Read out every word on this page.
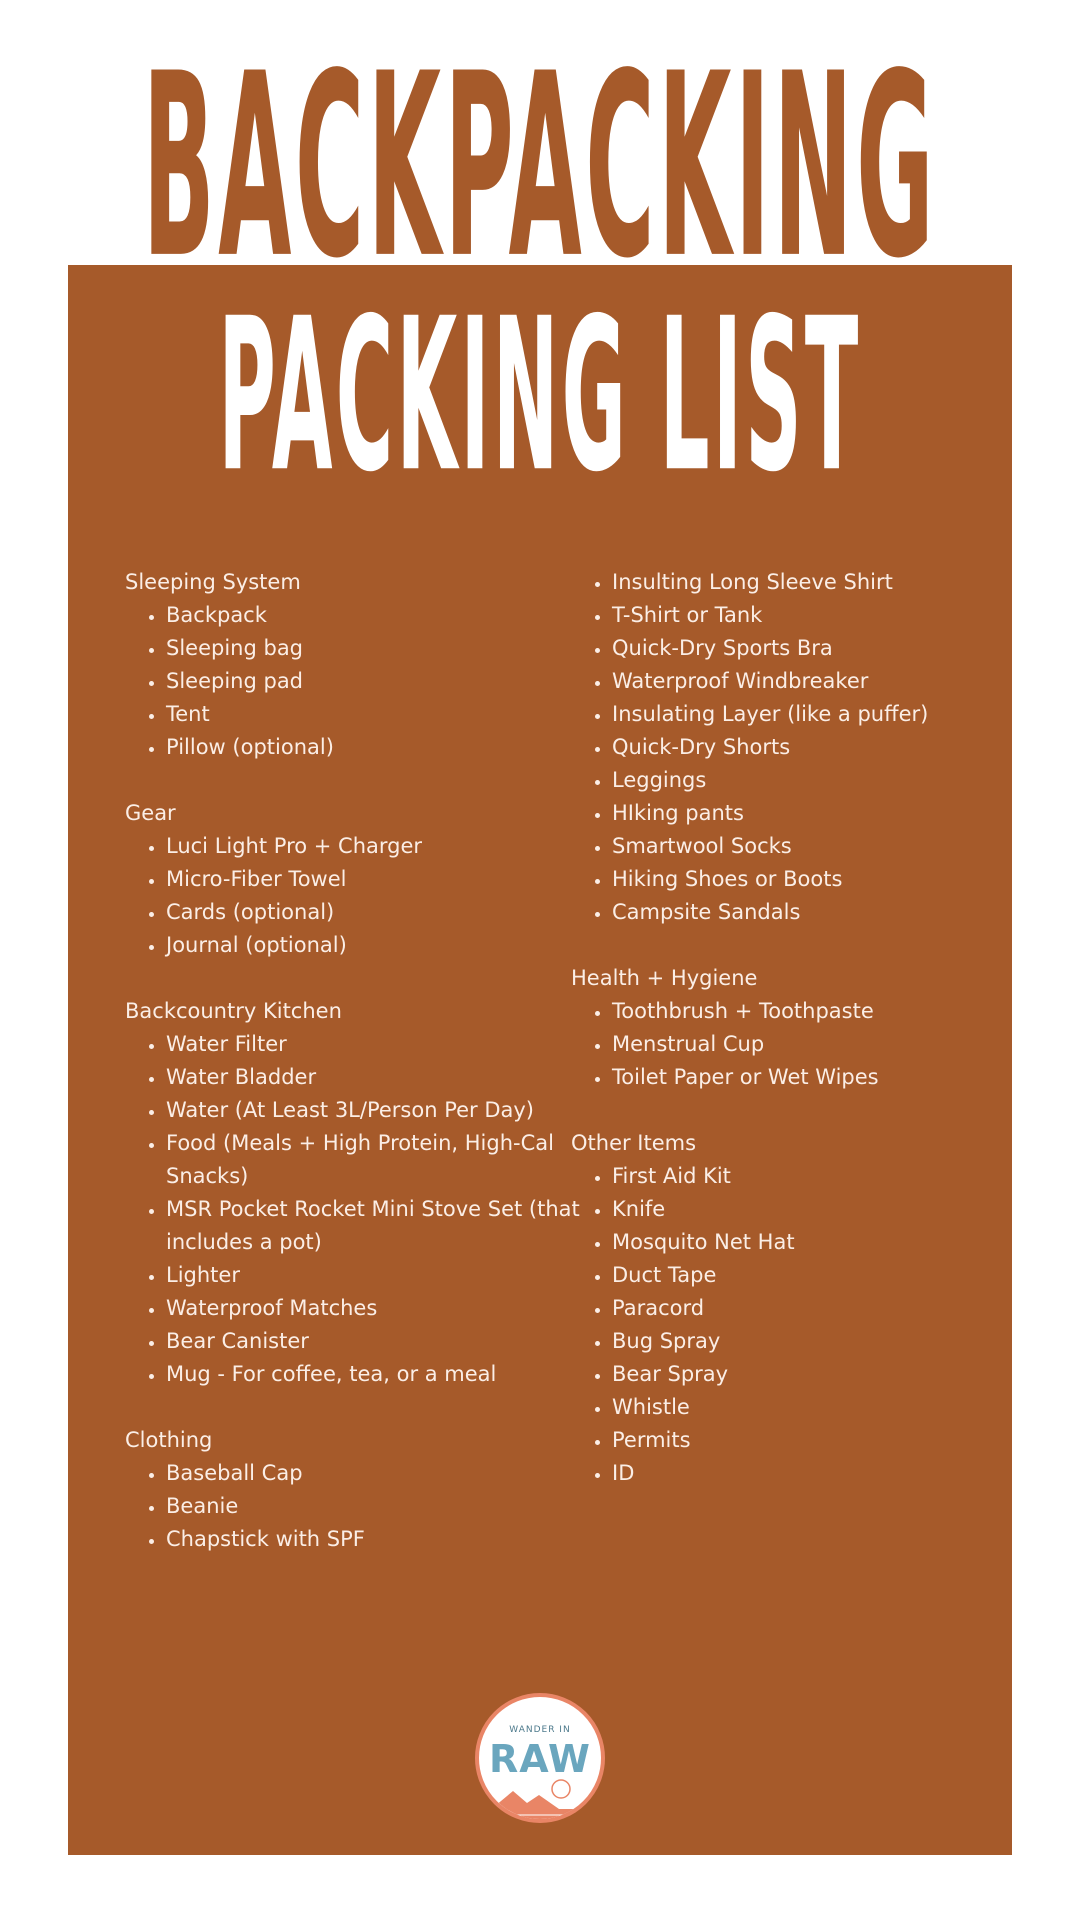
BACKPACKING
PACKING LIST
Sleeping System
• Backpack
• Sleeping bag
• Sleeping pad
• Tent
• Pillow (optional)
Gear
• Luci Light Pro + Charger
• Micro-Fiber Towel
• Cards (optional)
• Journal (optional)
Backcountry Kitchen
• Water Filter
• Water Bladder
• Water (At Least 3L/Person Per Day)
• Food (Meals + High Protein, High-Cal Snacks)
• MSR Pocket Rocket Mini Stove Set (that includes a pot)
• Lighter
• Waterproof Matches
• Bear Canister
• Mug - For coffee, tea, or a meal
Clothing
• Baseball Cap
• Beanie
• Chapstick with SPF
• Insulting Long Sleeve Shirt
• T-Shirt or Tank
• Quick-Dry Sports Bra
• Waterproof Windbreaker
• Insulating Layer (like a puffer)
• Quick-Dry Shorts
• Leggings
• HIking pants
• Smartwool Socks
• Hiking Shoes or Boots
• Campsite Sandals
Health + Hygiene
• Toothbrush + Toothpaste
• Menstrual Cup
• Toilet Paper or Wet Wipes
Other Items
• First Aid Kit
• Knife
• Mosquito Net Hat
• Duct Tape
• Paracord
• Bug Spray
• Bear Spray
• Whistle
• Permits
• ID
WANDER IN
RAW
